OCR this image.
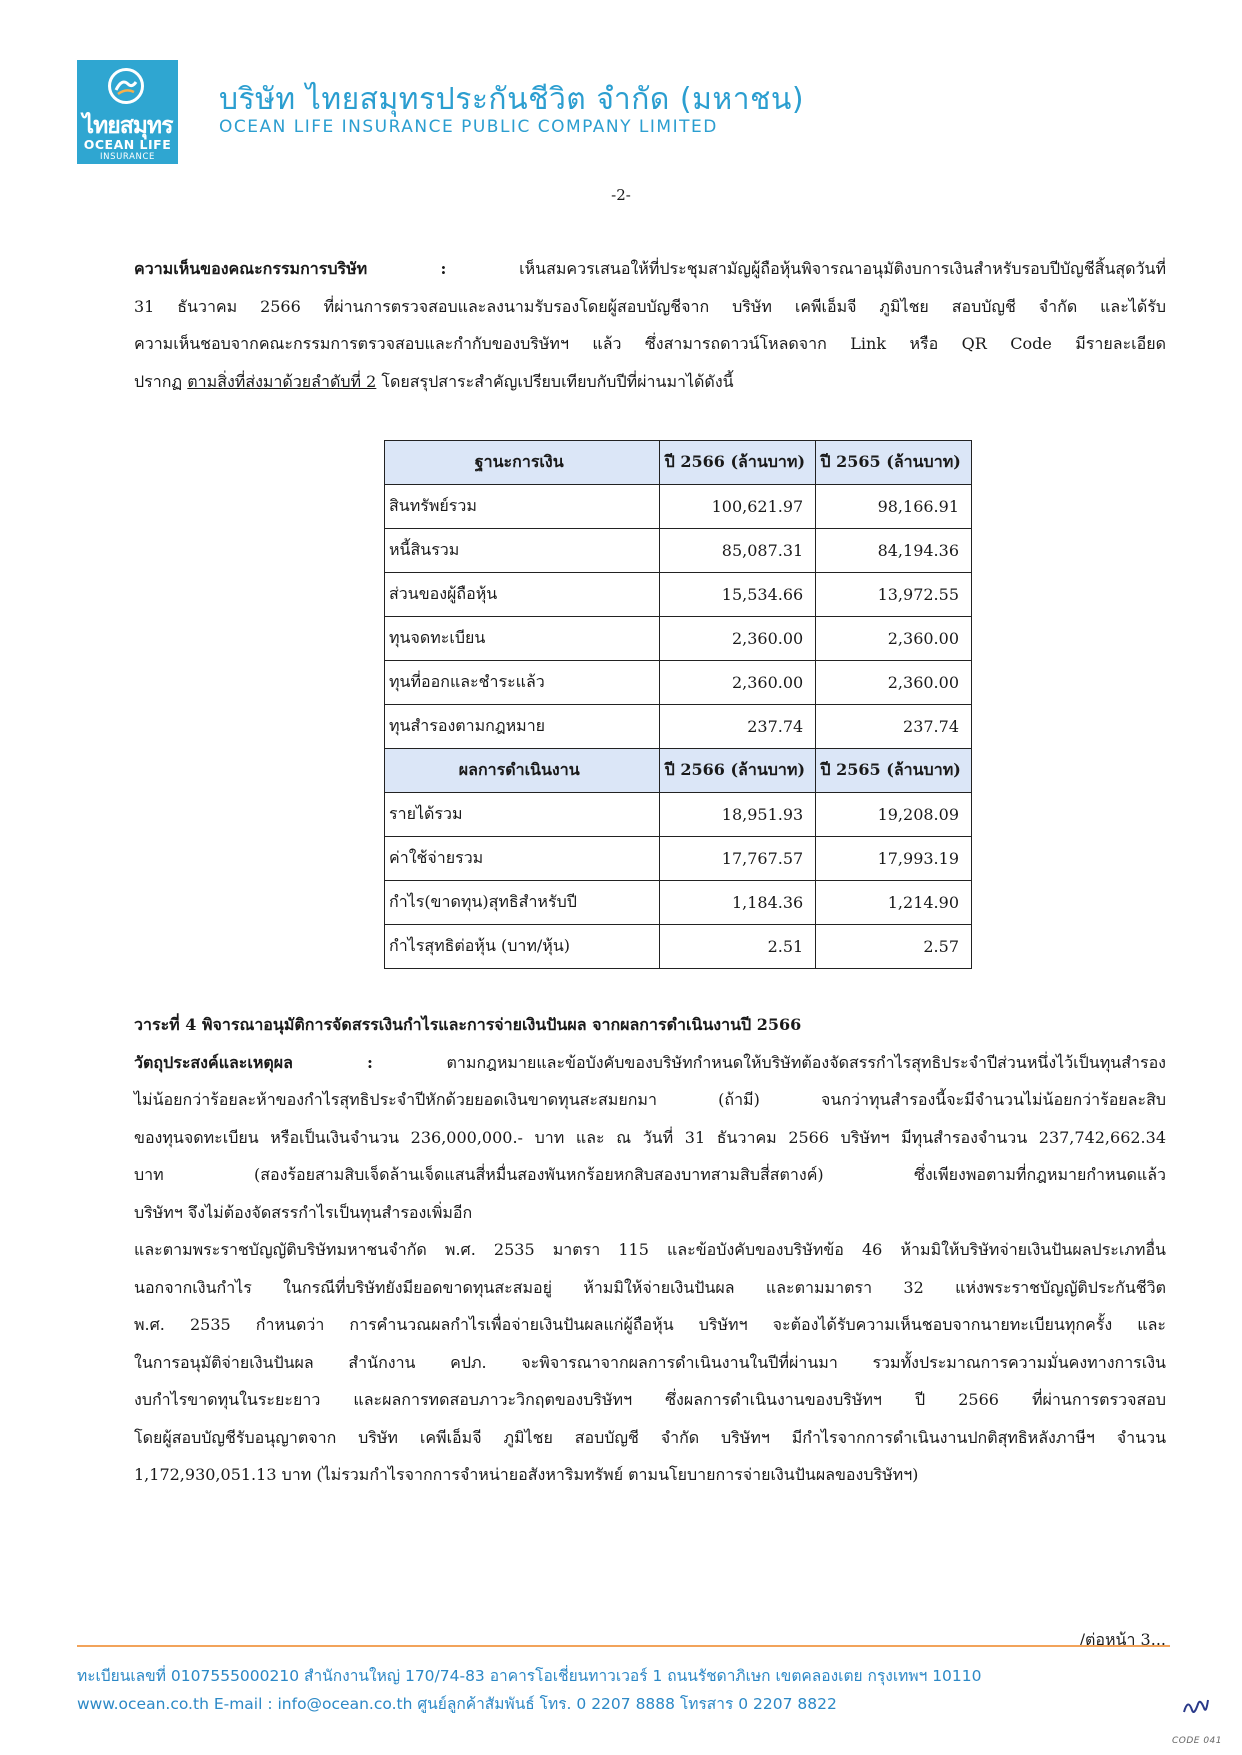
ไทยสมุทร
OCEAN LIFE
INSURANCE
บริษัท ไทยสมุทรประกันชีวิต จำกัด (มหาชน)
OCEAN LIFE INSURANCE PUBLIC COMPANY LIMITED
-2-

ความเห็นของคณะกรรมการบริษัท :	เห็นสมควรเสนอให้ที่ประชุมสามัญผู้ถือหุ้นพิจารณาอนุมัติงบการเงินสำหรับรอบปีบัญชีสิ้นสุดวันที่

31 ธันวาคม 2566 ที่ผ่านการตรวจสอบและลงนามรับรองโดยผู้สอบบัญชีจาก บริษัท เคพีเอ็มจี ภูมิไชย สอบบัญชี จำกัด และได้รับ

ความเห็นชอบจากคณะกรรมการตรวจสอบและกำกับของบริษัทฯ แล้ว ซึ่งสามารถดาวน์โหลดจาก Link หรือ QR Code มีรายละเอียด

ปรากฏ ตามสิ่งที่ส่งมาด้วยลำดับที่ 2 โดยสรุปสาระสำคัญเปรียบเทียบกับปีที่ผ่านมาได้ดังนี้

ฐานะการเงิน	ปี 2566 (ล้านบาท)	ปี 2565 (ล้านบาท)
สินทรัพย์รวม	100,621.97	98,166.91
หนี้สินรวม	85,087.31	84,194.36
ส่วนของผู้ถือหุ้น	15,534.66	13,972.55
ทุนจดทะเบียน	2,360.00	2,360.00
ทุนที่ออกและชำระแล้ว	2,360.00	2,360.00
ทุนสำรองตามกฎหมาย	237.74	237.74
ผลการดำเนินงาน	ปี 2566 (ล้านบาท)	ปี 2565 (ล้านบาท)
รายได้รวม	18,951.93	19,208.09
ค่าใช้จ่ายรวม	17,767.57	17,993.19
กำไร(ขาดทุน)สุทธิสำหรับปี	1,184.36	1,214.90
กำไรสุทธิต่อหุ้น (บาท/หุ้น)	2.51	2.57

วาระที่ 4 พิจารณาอนุมัติการจัดสรรเงินกำไรและการจ่ายเงินปันผล จากผลการดำเนินงานปี 2566

วัตถุประสงค์และเหตุผล :	ตามกฎหมายและข้อบังคับของบริษัทกำหนดให้บริษัทต้องจัดสรรกำไรสุทธิประจำปีส่วนหนึ่งไว้เป็นทุนสำรอง

ไม่น้อยกว่าร้อยละห้าของกำไรสุทธิประจำปีหักด้วยยอดเงินขาดทุนสะสมยกมา (ถ้ามี) จนกว่าทุนสำรองนี้จะมีจำนวนไม่น้อยกว่าร้อยละสิบ

ของทุนจดทะเบียน หรือเป็นเงินจำนวน 236,000,000.- บาท และ ณ วันที่ 31 ธันวาคม 2566 บริษัทฯ มีทุนสำรองจำนวน 237,742,662.34

บาท (สองร้อยสามสิบเจ็ดล้านเจ็ดแสนสี่หมื่นสองพันหกร้อยหกสิบสองบาทสามสิบสี่สตางค์) ซึ่งเพียงพอตามที่กฎหมายกำหนดแล้ว

บริษัทฯ จึงไม่ต้องจัดสรรกำไรเป็นทุนสำรองเพิ่มอีก

และตามพระราชบัญญัติบริษัทมหาชนจำกัด พ.ศ. 2535 มาตรา 115 และข้อบังคับของบริษัทข้อ 46 ห้ามมิให้บริษัทจ่ายเงินปันผลประเภทอื่น

นอกจากเงินกำไร ในกรณีที่บริษัทยังมียอดขาดทุนสะสมอยู่ ห้ามมิให้จ่ายเงินปันผล และตามมาตรา 32 แห่งพระราชบัญญัติประกันชีวิต

พ.ศ. 2535 กำหนดว่า การคำนวณผลกำไรเพื่อจ่ายเงินปันผลแก่ผู้ถือหุ้น บริษัทฯ จะต้องได้รับความเห็นชอบจากนายทะเบียนทุกครั้ง และ

ในการอนุมัติจ่ายเงินปันผล สำนักงาน คปภ. จะพิจารณาจากผลการดำเนินงานในปีที่ผ่านมา รวมทั้งประมาณการความมั่นคงทางการเงิน

งบกำไรขาดทุนในระยะยาว และผลการทดสอบภาวะวิกฤตของบริษัทฯ ซึ่งผลการดำเนินงานของบริษัทฯ ปี 2566 ที่ผ่านการตรวจสอบ

โดยผู้สอบบัญชีรับอนุญาตจาก บริษัท เคพีเอ็มจี ภูมิไชย สอบบัญชี จำกัด บริษัทฯ มีกำไรจากการดำเนินงานปกติสุทธิหลังภาษีฯ จำนวน

1,172,930,051.13 บาท (ไม่รวมกำไรจากการจำหน่ายอสังหาริมทรัพย์ ตามนโยบายการจ่ายเงินปันผลของบริษัทฯ)

/ต่อหน้า 3...
ทะเบียนเลขที่ 0107555000210 สำนักงานใหญ่ 170/74-83 อาคารโอเชี่ยนทาวเวอร์ 1 ถนนรัชดาภิเษก เขตคลองเตย กรุงเทพฯ 10110
www.ocean.co.th E-mail : info@ocean.co.th ศูนย์ลูกค้าสัมพันธ์ โทร. 0 2207 8888 โทรสาร 0 2207 8822
CODE 041
